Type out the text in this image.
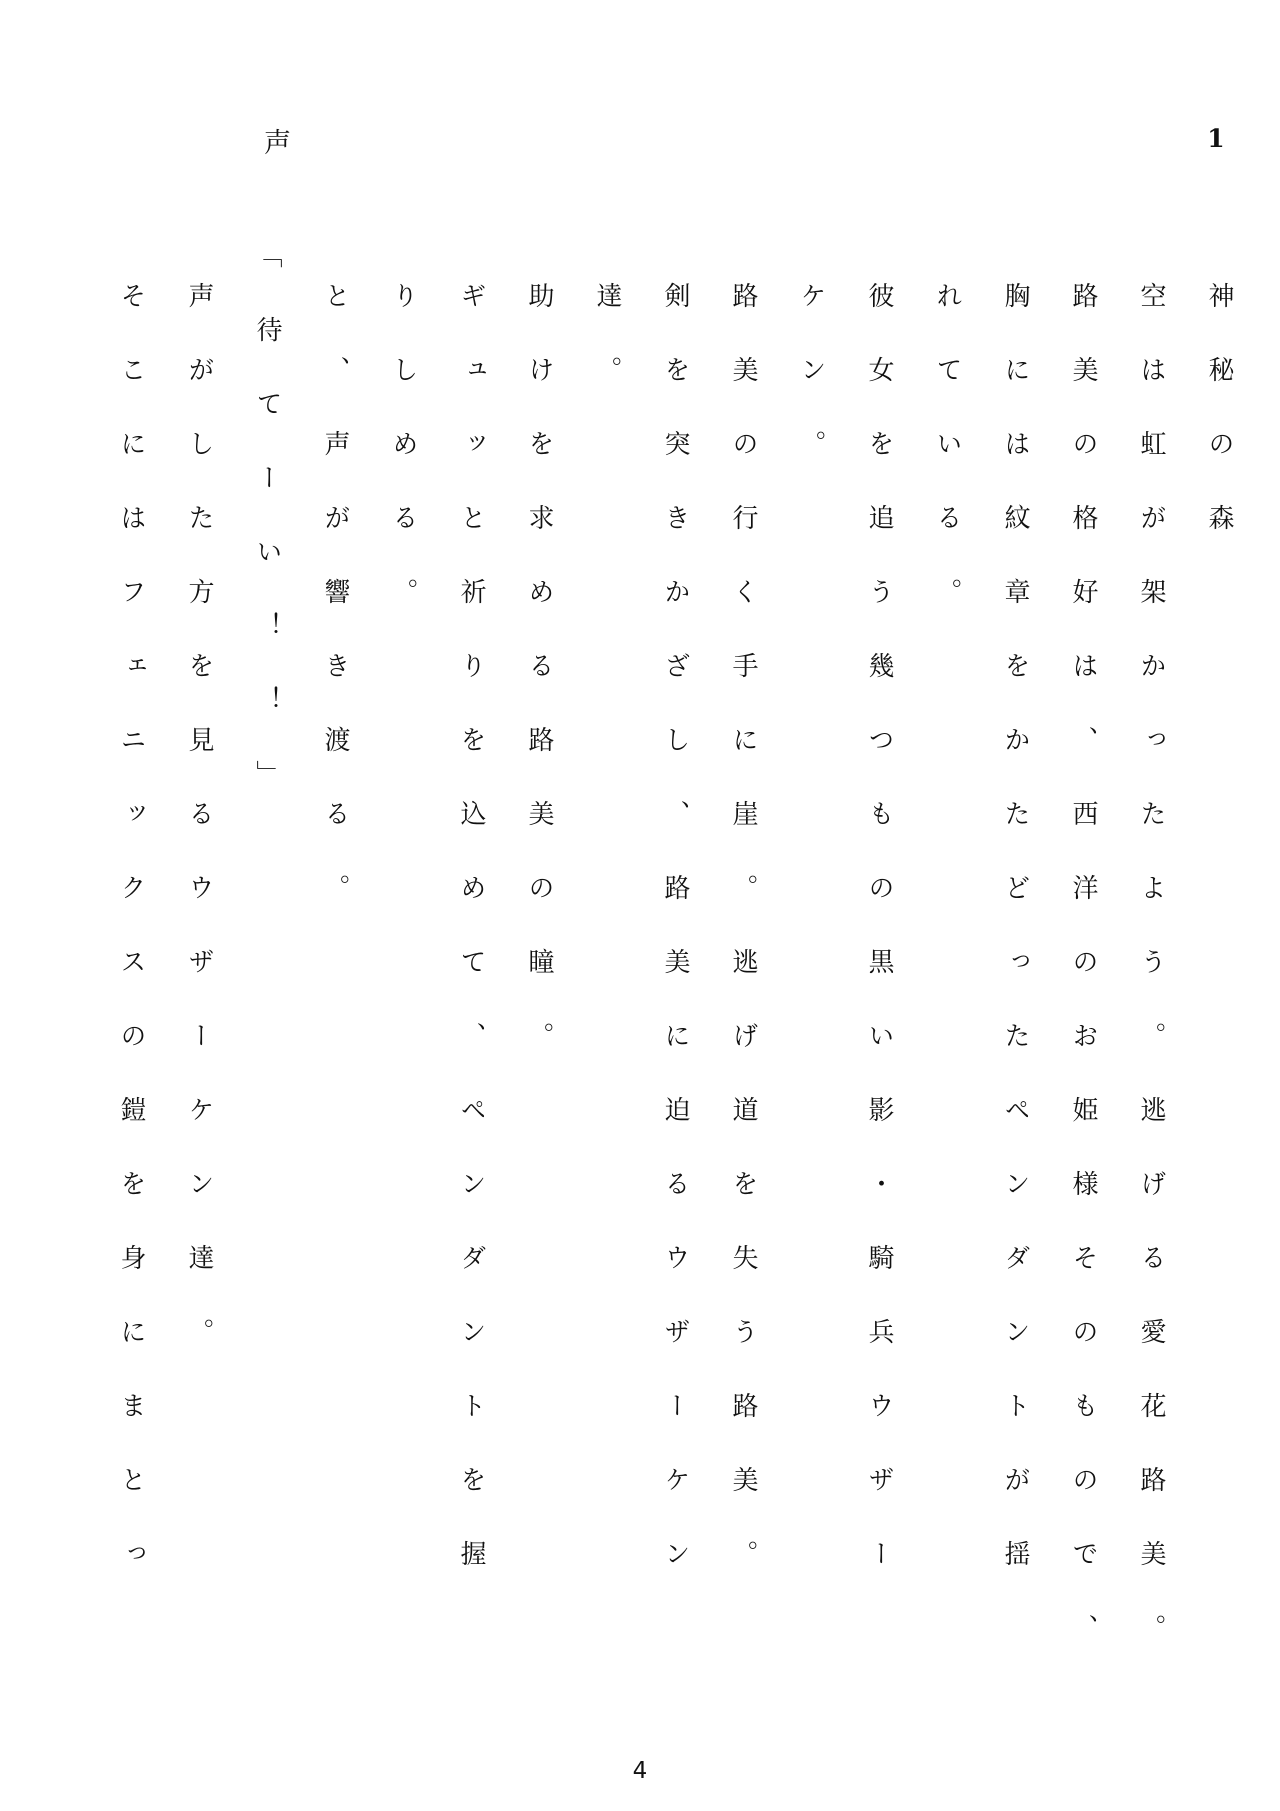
1
声
神秘の森
空は虹が架かったよう。逃げる愛花路美。
路美の格好は、西洋のお姫様そのもので、
胸には紋章をかたどったペンダントが揺
れている。
彼女を追う幾つもの黒い影・騎兵ウザー
ケン。
路美の行く手に崖。逃げ道を失う路美。
剣を突きかざし、路美に迫るウザーケン
達。
助けを求める路美の瞳。
ギュッと祈りを込めて、ペンダントを握
りしめる。
と、声が響き渡る。
「待てーい！！」
声がした方を見るウザーケン達。
そこにはフェニックスの鎧を身にまとっ
4
